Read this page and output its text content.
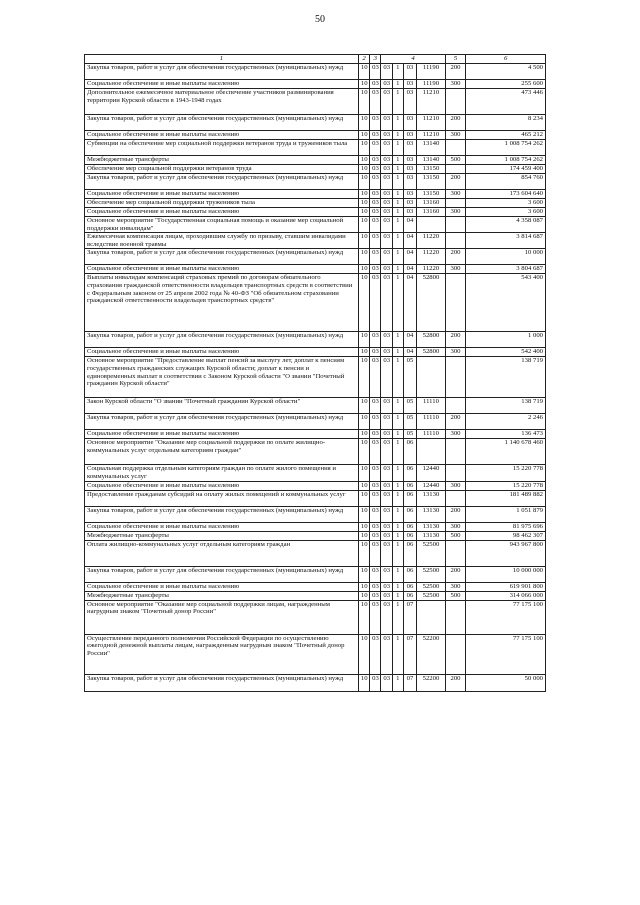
50
1	2	3	4				5	6
Закупка товаров, работ и услуг для обеспечения государственных (муниципальных) нужд	10	03	03	1	03	11190	200	4 500
Социальное обеспечение и иные выплаты населению	10	03	03	1	03	11190	300	255 600
Дополнительное ежемесячное материальное обеспечение участников разминирования территории Курской области в 1943-1948 годах	10	03	03	1	03	11210		473 446
Закупка товаров, работ и услуг для обеспечения государственных (муниципальных) нужд	10	03	03	1	03	11210	200	8 234
Социальное обеспечение и иные выплаты населению	10	03	03	1	03	11210	300	465 212
Субвенции на обеспечение мер социальной поддержки ветеранов труда и тружеников тыла	10	03	03	1	03	13140		1 008 754 262
Межбюджетные трансферты	10	03	03	1	03	13140	500	1 008 754 262
Обеспечение мер социальной поддержки ветеранов труда	10	03	03	1	03	13150		174 459 400
Закупка товаров, работ и услуг для обеспечения государственных (муниципальных) нужд	10	03	03	1	03	13150	200	854 760
Социальное обеспечение и иные выплаты населению	10	03	03	1	03	13150	300	173 604 640
Обеспечение мер социальной поддержки тружеников тыла	10	03	03	1	03	13160		3 600
Социальное обеспечение и иные выплаты населению	10	03	03	1	03	13160	300	3 600
Основное мероприятие "Государственная социальная помощь и оказание мер социальной поддержки инвалидам"	10	03	03	1	04			4 358 087
Ежемесячная компенсация лицам, проходившим службу по призыву, ставшим инвалидами вследствие военной травмы	10	03	03	1	04	11220		3 814 687
Закупка товаров, работ и услуг для обеспечения государственных (муниципальных) нужд	10	03	03	1	04	11220	200	10 000
Социальное обеспечение и иные выплаты населению	10	03	03	1	04	11220	300	3 804 687
Выплаты инвалидам компенсаций страховых премий по договорам обязательного страхования гражданской ответственности владельцев транспортных средств в соответствии с Федеральным законом от 25 апреля 2002 года № 40-ФЗ "Об обязательном страховании гражданской ответственности владельцев транспортных средств"	10	03	03	1	04	52800		543 400
Закупка товаров, работ и услуг для обеспечения государственных (муниципальных) нужд	10	03	03	1	04	52800	200	1 000
Социальное обеспечение и иные выплаты населению	10	03	03	1	04	52800	300	542 400
Основное мероприятие "Предоставление выплат пенсий за выслугу лет, доплат к пенсиям государственных гражданских служащих Курской области; доплат к пенсии и единовременных выплат в соответствии с Законом Курской области "О звании "Почетный гражданин Курской области"	10	03	03	1	05			138 719
Закон Курской области "О звании "Почетный гражданин Курской области"	10	03	03	1	05	11110		138 719
Закупка товаров, работ и услуг для обеспечения государственных (муниципальных) нужд	10	03	03	1	05	11110	200	2 246
Социальное обеспечение и иные выплаты населению	10	03	03	1	05	11110	300	136 473
Основное мероприятие "Оказание мер социальной поддержки по оплате жилищно-коммунальных услуг отдельным категориям граждан"	10	03	03	1	06			1 140 678 460
Социальная поддержка отдельным категориям граждан по оплате жилого помещения и коммунальных услуг	10	03	03	1	06	12440		15 220 778
Социальное обеспечение и иные выплаты населению	10	03	03	1	06	12440	300	15 220 778
Предоставление гражданам субсидий на оплату жилых помещений и коммунальных услуг	10	03	03	1	06	13130		181 489 882
Закупка товаров, работ и услуг для обеспечения государственных (муниципальных) нужд	10	03	03	1	06	13130	200	1 051 879
Социальное обеспечение и иные выплаты населению	10	03	03	1	06	13130	300	81 975 696
Межбюджетные трансферты	10	03	03	1	06	13130	500	98 462 307
Оплата жилищно-коммунальных услуг отдельным категориям граждан	10	03	03	1	06	52500		943 967 800
Закупка товаров, работ и услуг для обеспечения государственных (муниципальных) нужд	10	03	03	1	06	52500	200	10 000 000
Социальное обеспечение и иные выплаты населению	10	03	03	1	06	52500	300	619 901 800
Межбюджетные трансферты	10	03	03	1	06	52500	500	314 066 000
Основное мероприятие "Оказание мер социальной поддержки лицам, награжденным нагрудным знаком "Почетный донор России"	10	03	03	1	07			77 175 100
Осуществление переданного полномочия Российской Федерации по осуществлению ежегодной денежной выплаты лицам, награжденным нагрудным знаком "Почетный донор России"	10	03	03	1	07	52200		77 175 100
Закупка товаров, работ и услуг для обеспечения государственных (муниципальных) нужд	10	03	03	1	07	52200	200	50 000
